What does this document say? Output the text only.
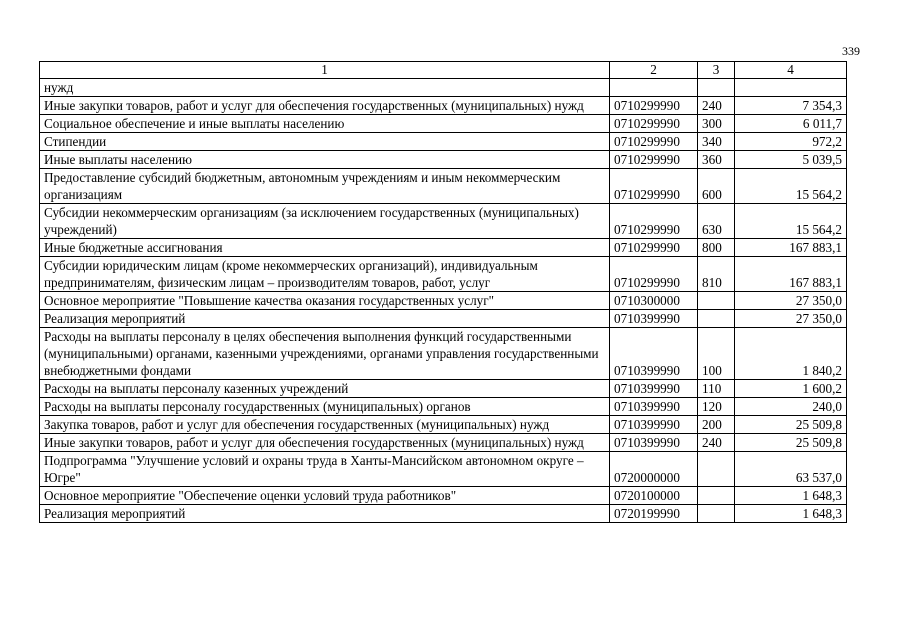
339
1	2	3	4
нужд			
Иные закупки товаров, работ и услуг для обеспечения государственных (муниципальных) нужд	0710299990	240	7 354,3
Социальное обеспечение и иные выплаты населению	0710299990	300	6 011,7
Стипендии	0710299990	340	972,2
Иные выплаты населению	0710299990	360	5 039,5
Предоставление субсидий бюджетным, автономным учреждениям и иным некоммерческим организациям	0710299990	600	15 564,2
Субсидии некоммерческим организациям (за исключением государственных (муниципальных) учреждений)	0710299990	630	15 564,2
Иные бюджетные ассигнования	0710299990	800	167 883,1
Субсидии юридическим лицам (кроме некоммерческих организаций), индивидуальным предпринимателям, физическим лицам – производителям товаров, работ, услуг	0710299990	810	167 883,1
Основное мероприятие "Повышение качества оказания государственных услуг"	0710300000		27 350,0
Реализация мероприятий	0710399990		27 350,0
Расходы на выплаты персоналу в целях обеспечения выполнения функций государственными (муниципальными) органами, казенными учреждениями, органами управления государственными внебюджетными фондами	0710399990	100	1 840,2
Расходы на выплаты персоналу казенных учреждений	0710399990	110	1 600,2
Расходы на выплаты персоналу государственных (муниципальных) органов	0710399990	120	240,0
Закупка товаров, работ и услуг для обеспечения государственных (муниципальных) нужд	0710399990	200	25 509,8
Иные закупки товаров, работ и услуг для обеспечения государственных (муниципальных) нужд	0710399990	240	25 509,8
Подпрограмма "Улучшение условий и охраны труда в Ханты-Мансийском автономном округе – Югре"	0720000000		63 537,0
Основное мероприятие "Обеспечение оценки условий труда работников"	0720100000		1 648,3
Реализация мероприятий	0720199990		1 648,3
